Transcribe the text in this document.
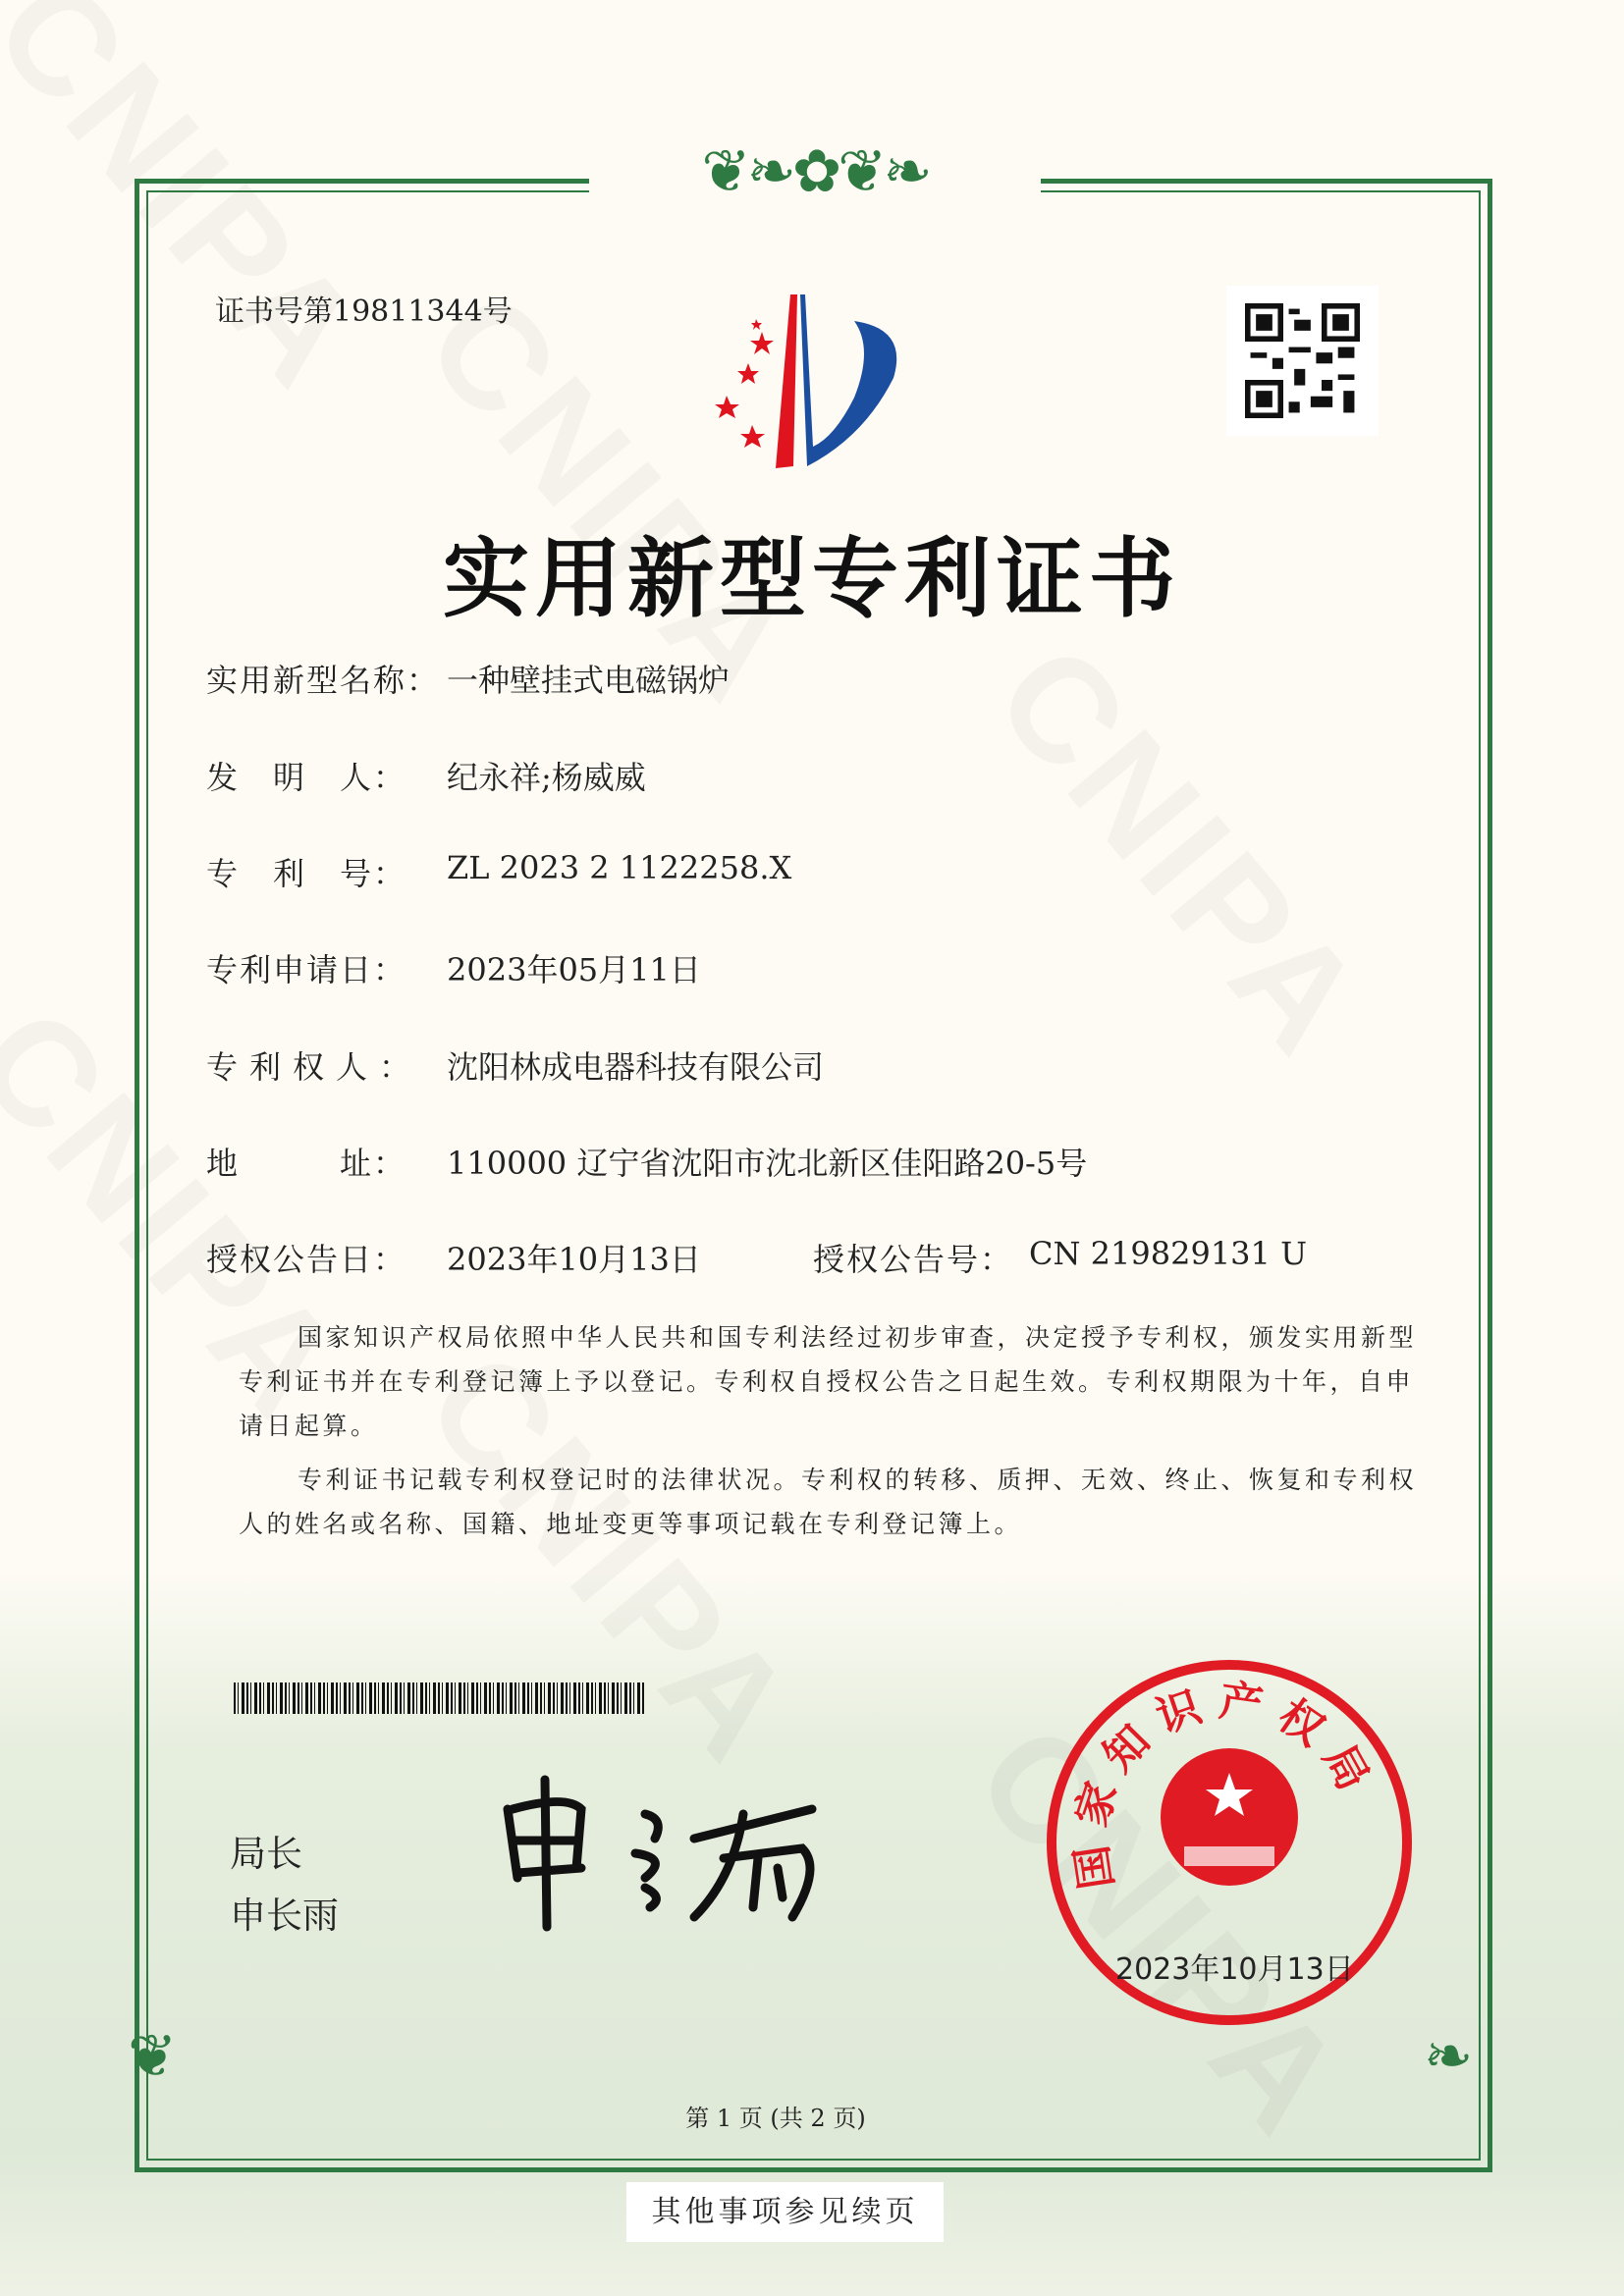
❦❧✿❦❧
❦	❧
证书号第19811344号
实用新型专利证书
实用新型名称： 一种壁挂式电磁锅炉
发　明　人：	纪永祥;杨威威
专　利　号：	ZL 2023 2 1122258.X
专利申请日：	2023年05月11日
专利权人： 沈阳林成电器科技有限公司
地　　　址：	110000 辽宁省沈阳市沈北新区佳阳路20-5号
授权公告日：	2023年10月13日	授权公告号： CN 219829131 U

国家知识产权局依照中华人民共和国专利法经过初步审查，决定授予专利权，颁发实用新型专利证书并在专利登记簿上予以登记。专利权自授权公告之日起生效。专利权期限为十年，自申请日起算。

专利证书记载专利权登记时的法律状况。专利权的转移、质押、无效、终止、恢复和专利权人的姓名或名称、国籍、地址变更等事项记载在专利登记簿上。

局长
申长雨
国家知识产权局
2023年10月13日
第 1 页 (共 2 页)
其他事项参见续页
